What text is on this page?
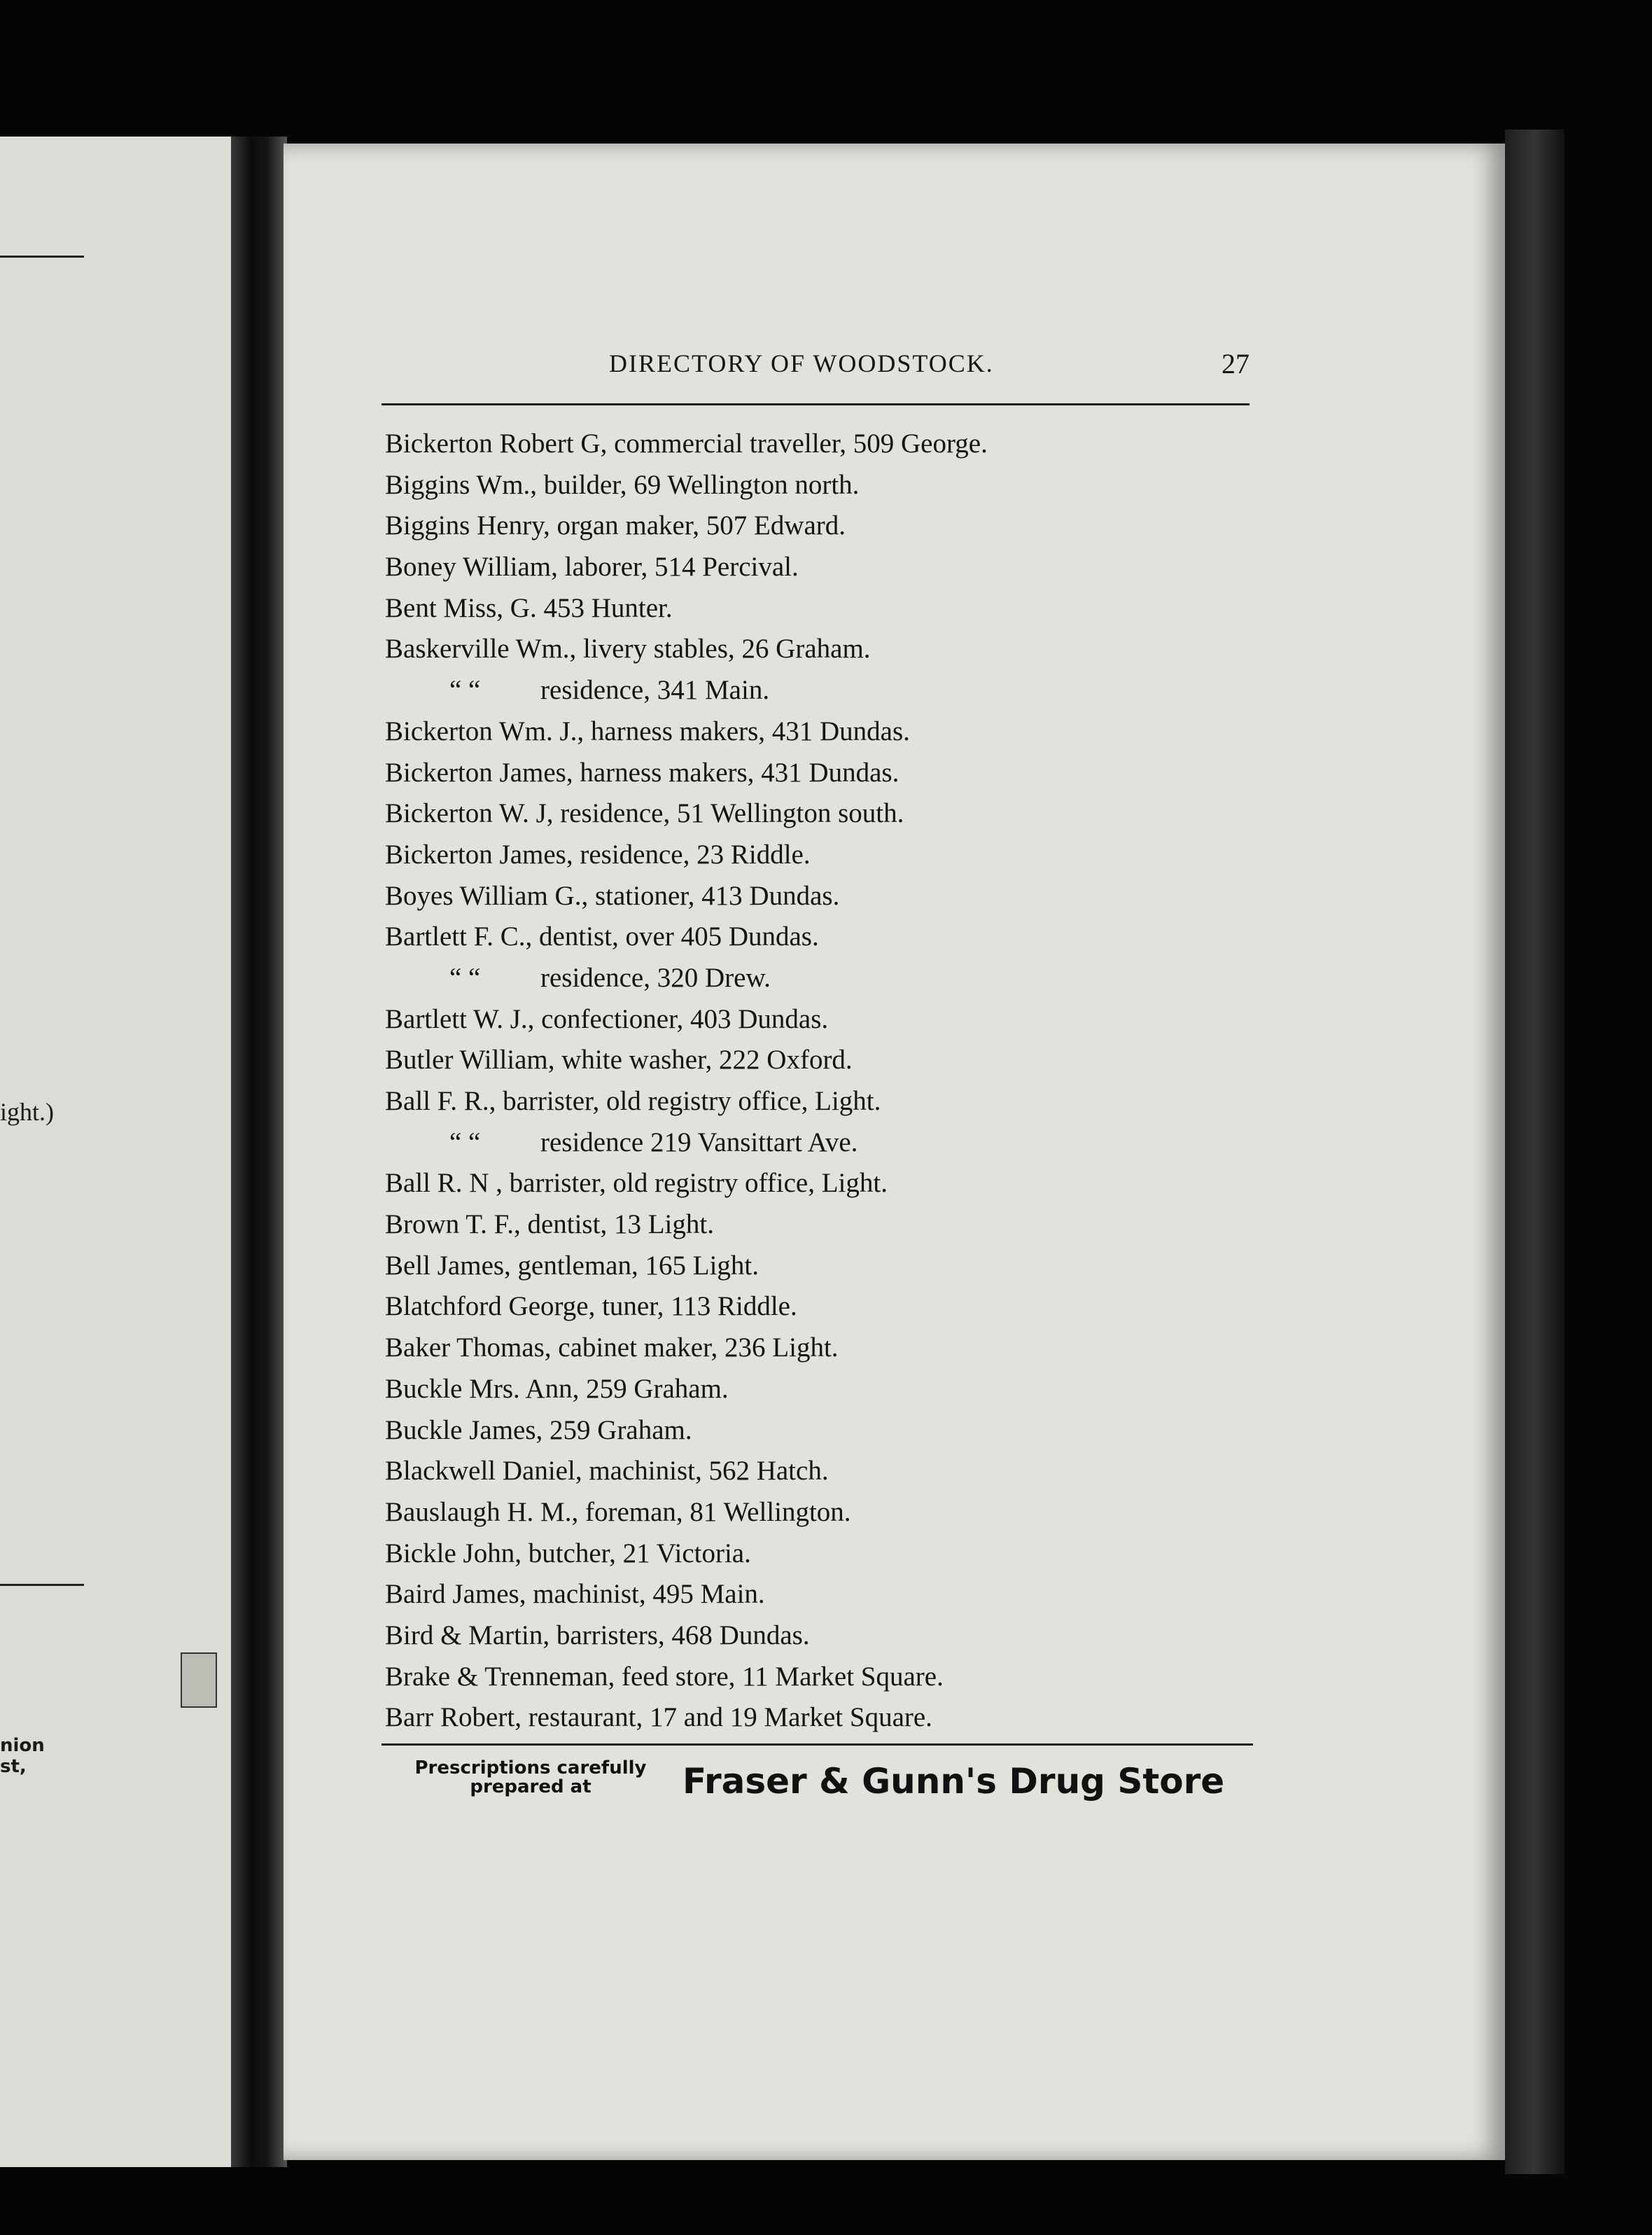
ight.)
nion
st,
DIRECTORY OF WOODSTOCK.	27
Bickerton Robert G, commercial traveller, 509 George.
Biggins Wm., builder, 69 Wellington north.
Biggins Henry, organ maker, 507 Edward.
Boney William, laborer, 514 Percival.
Bent Miss, G. 453 Hunter.
Baskerville Wm., livery stables, 26 Graham.
“ “ residence, 341 Main.
Bickerton Wm. J., harness makers, 431 Dundas.
Bickerton James, harness makers, 431 Dundas.
Bickerton W. J, residence, 51 Wellington south.
Bickerton James, residence, 23 Riddle.
Boyes William G., stationer, 413 Dundas.
Bartlett F. C., dentist, over 405 Dundas.
“ “ residence, 320 Drew.
Bartlett W. J., confectioner, 403 Dundas.
Butler William, white washer, 222 Oxford.
Ball F. R., barrister, old registry office, Light.
“ “ residence 219 Vansittart Ave.
Ball R. N , barrister, old registry office, Light.
Brown T. F., dentist, 13 Light.
Bell James, gentleman, 165 Light.
Blatchford George, tuner, 113 Riddle.
Baker Thomas, cabinet maker, 236 Light.
Buckle Mrs. Ann, 259 Graham.
Buckle James, 259 Graham.
Blackwell Daniel, machinist, 562 Hatch.
Bauslaugh H. M., foreman, 81 Wellington.
Bickle John, butcher, 21 Victoria.
Baird James, machinist, 495 Main.
Bird & Martin, barristers, 468 Dundas.
Brake & Trenneman, feed store, 11 Market Square.
Barr Robert, restaurant, 17 and 19 Market Square.
Prescriptions carefully
prepared at	Fraser & Gunn's Drug Store
